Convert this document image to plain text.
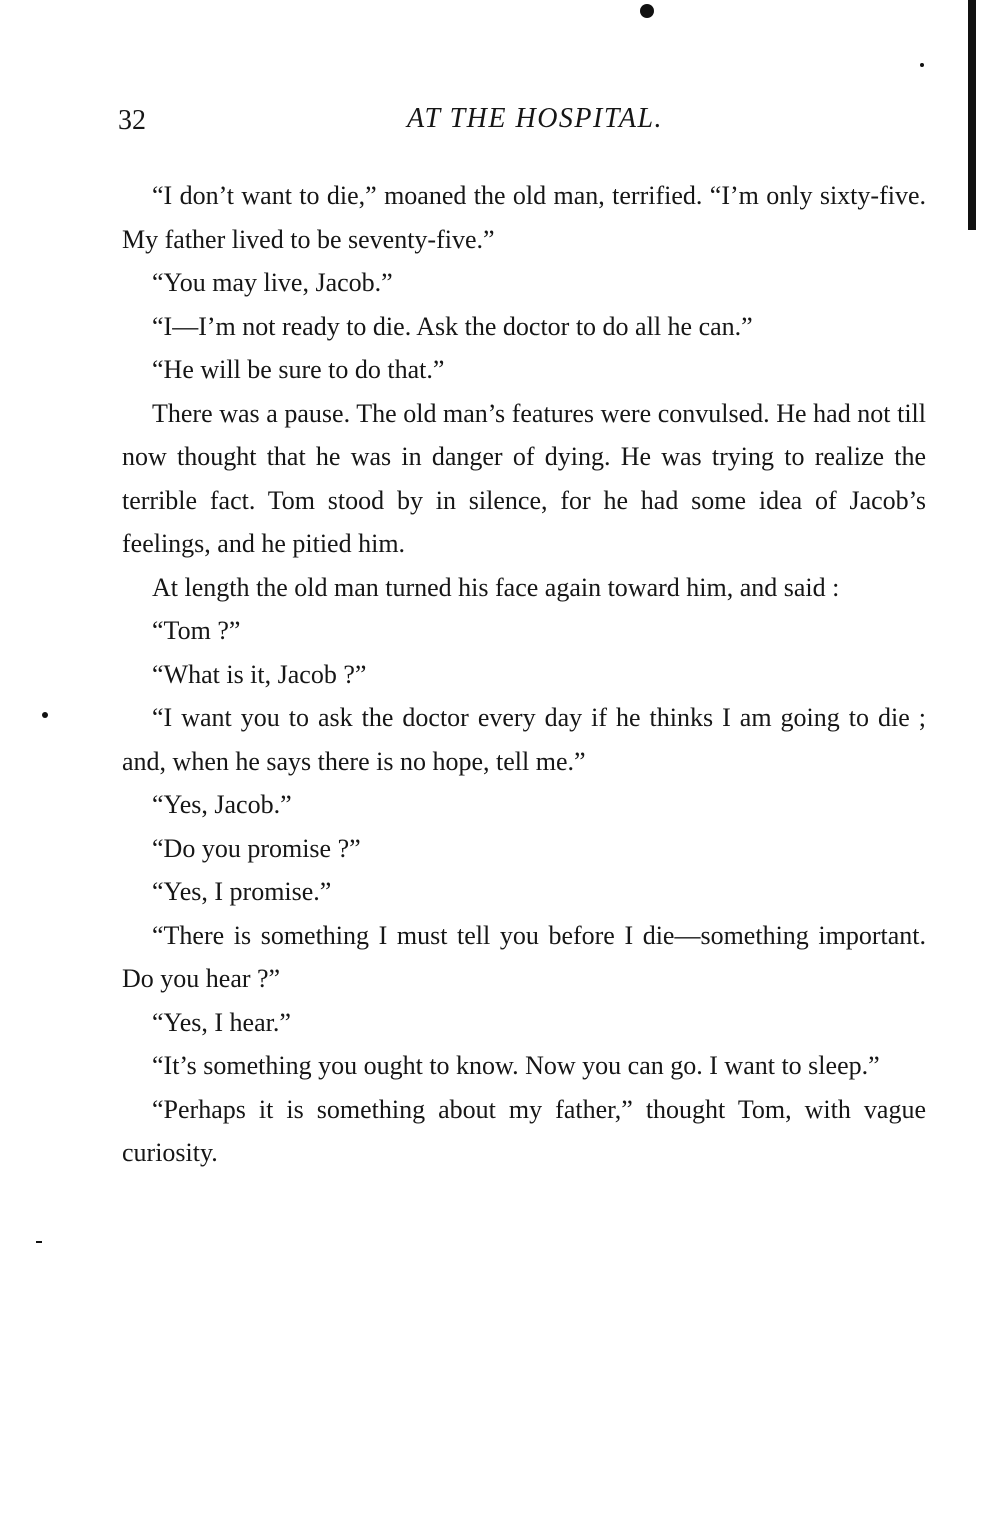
32	AT THE HOSPITAL.

“I don’t want to die,” moaned the old man, terrified. “I’m only sixty-five. My father lived to be seventy-five.”

“You may live, Jacob.”

“I—I’m not ready to die. Ask the doctor to do all he can.”

“He will be sure to do that.”

There was a pause. The old man’s features were convulsed. He had not till now thought that he was in danger of dying. He was trying to realize the terrible fact. Tom stood by in silence, for he had some idea of Jacob’s feelings, and he pitied him.

At length the old man turned his face again toward him, and said :

“Tom ?”

“What is it, Jacob ?”

“I want you to ask the doctor every day if he thinks I am going to die ; and, when he says there is no hope, tell me.”

“Yes, Jacob.”

“Do you promise ?”

“Yes, I promise.”

“There is something I must tell you before I die—something important. Do you hear ?”

“Yes, I hear.”

“It’s something you ought to know. Now you can go. I want to sleep.”

“Perhaps it is something about my father,” thought Tom, with vague curiosity.
